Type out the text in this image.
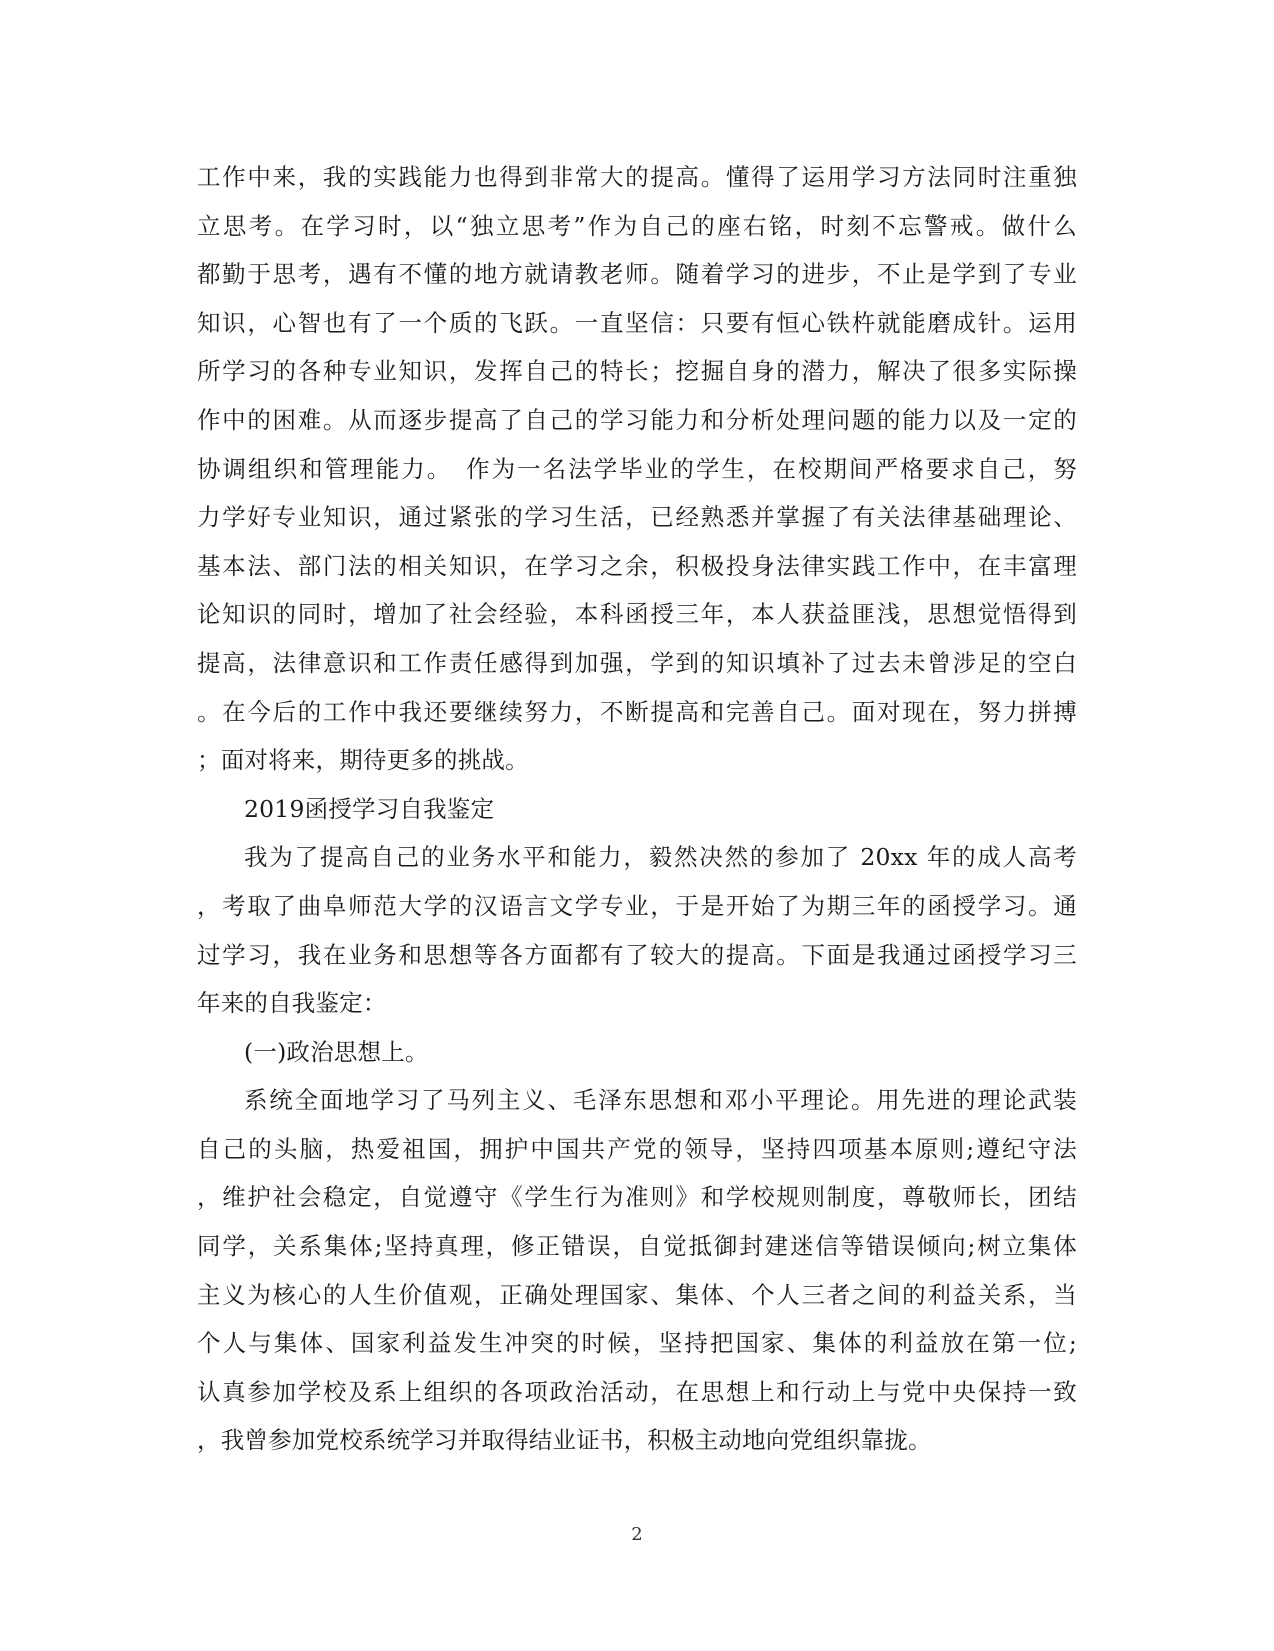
工作中来，我的实践能力也得到非常大的提高。懂得了运用学习方法同时注重独
立思考。在学习时，以“独立思考”作为自己的座右铭，时刻不忘警戒。做什么
都勤于思考，遇有不懂的地方就请教老师。随着学习的进步，不止是学到了专业
知识，心智也有了一个质的飞跃。一直坚信：只要有恒心铁杵就能磨成针。运用
所学习的各种专业知识，发挥自己的特长；挖掘自身的潜力，解决了很多实际操
作中的困难。从而逐步提高了自己的学习能力和分析处理问题的能力以及一定的
协调组织和管理能力。　作为一名法学毕业的学生，在校期间严格要求自己，努
力学好专业知识，通过紧张的学习生活，已经熟悉并掌握了有关法律基础理论、
基本法、部门法的相关知识，在学习之余，积极投身法律实践工作中，在丰富理
论知识的同时，增加了社会经验，本科函授三年，本人获益匪浅，思想觉悟得到
提高，法律意识和工作责任感得到加强，学到的知识填补了过去未曾涉足的空白
。在今后的工作中我还要继续努力，不断提高和完善自己。面对现在，努力拼搏
；面对将来，期待更多的挑战。
2019函授学习自我鉴定
我为了提高自己的业务水平和能力，毅然决然的参加了 20xx 年的成人高考
，考取了曲阜师范大学的汉语言文学专业，于是开始了为期三年的函授学习。通
过学习，我在业务和思想等各方面都有了较大的提高。下面是我通过函授学习三
年来的自我鉴定：
(一)政治思想上。
系统全面地学习了马列主义、毛泽东思想和邓小平理论。用先进的理论武装
自己的头脑，热爱祖国，拥护中国共产党的领导，坚持四项基本原则;遵纪守法
，维护社会稳定，自觉遵守《学生行为准则》和学校规则制度，尊敬师长，团结
同学，关系集体;坚持真理，修正错误，自觉抵御封建迷信等错误倾向;树立集体
主义为核心的人生价值观，正确处理国家、集体、个人三者之间的利益关系，当
个人与集体、国家利益发生冲突的时候，坚持把国家、集体的利益放在第一位;
认真参加学校及系上组织的各项政治活动，在思想上和行动上与党中央保持一致
，我曾参加党校系统学习并取得结业证书，积极主动地向党组织靠拢。
2
